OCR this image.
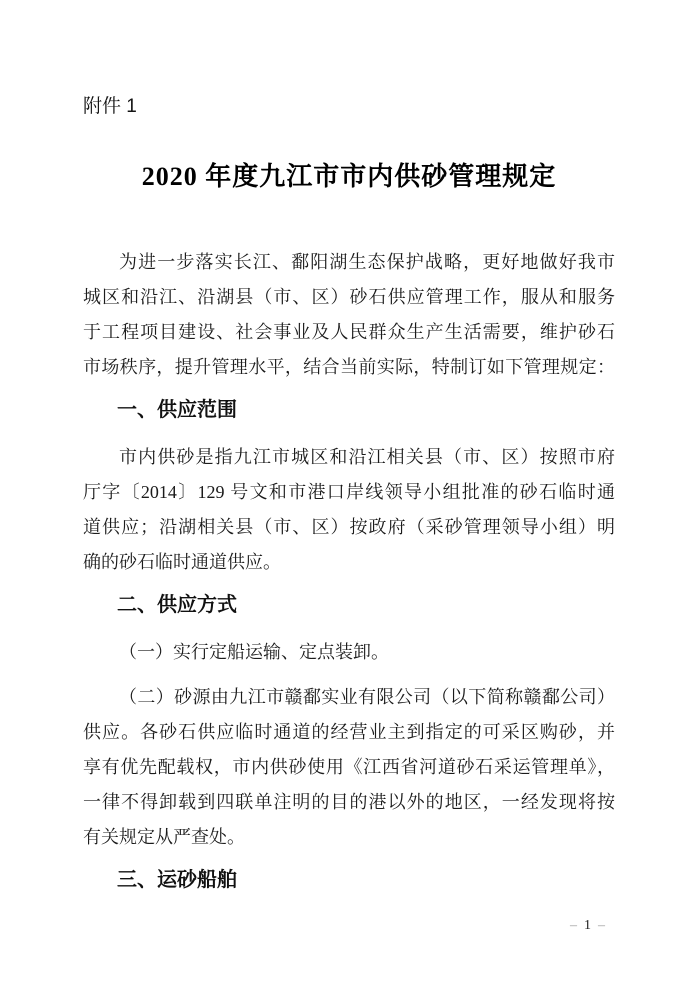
附件 1
2020 年度九江市市内供砂管理规定
为进一步落实长江、鄱阳湖生态保护战略，更好地做好我市
城区和沿江、沿湖县（市、区）砂石供应管理工作，服从和服务
于工程项目建设、社会事业及人民群众生产生活需要，维护砂石
市场秩序，提升管理水平，结合当前实际，特制订如下管理规定：
一、供应范围
市内供砂是指九江市城区和沿江相关县（市、区）按照市府
厅字〔2014〕129 号文和市港口岸线领导小组批准的砂石临时通
道供应；沿湖相关县（市、区）按政府（采砂管理领导小组）明
确的砂石临时通道供应。
二、供应方式
（一）实行定船运输、定点装卸。
（二）砂源由九江市赣鄱实业有限公司（以下简称赣鄱公司）
供应。各砂石供应临时通道的经营业主到指定的可采区购砂，并
享有优先配载权，市内供砂使用《江西省河道砂石采运管理单》，
一律不得卸载到四联单注明的目的港以外的地区，一经发现将按
有关规定从严查处。
三、运砂船舶
– 1 –
